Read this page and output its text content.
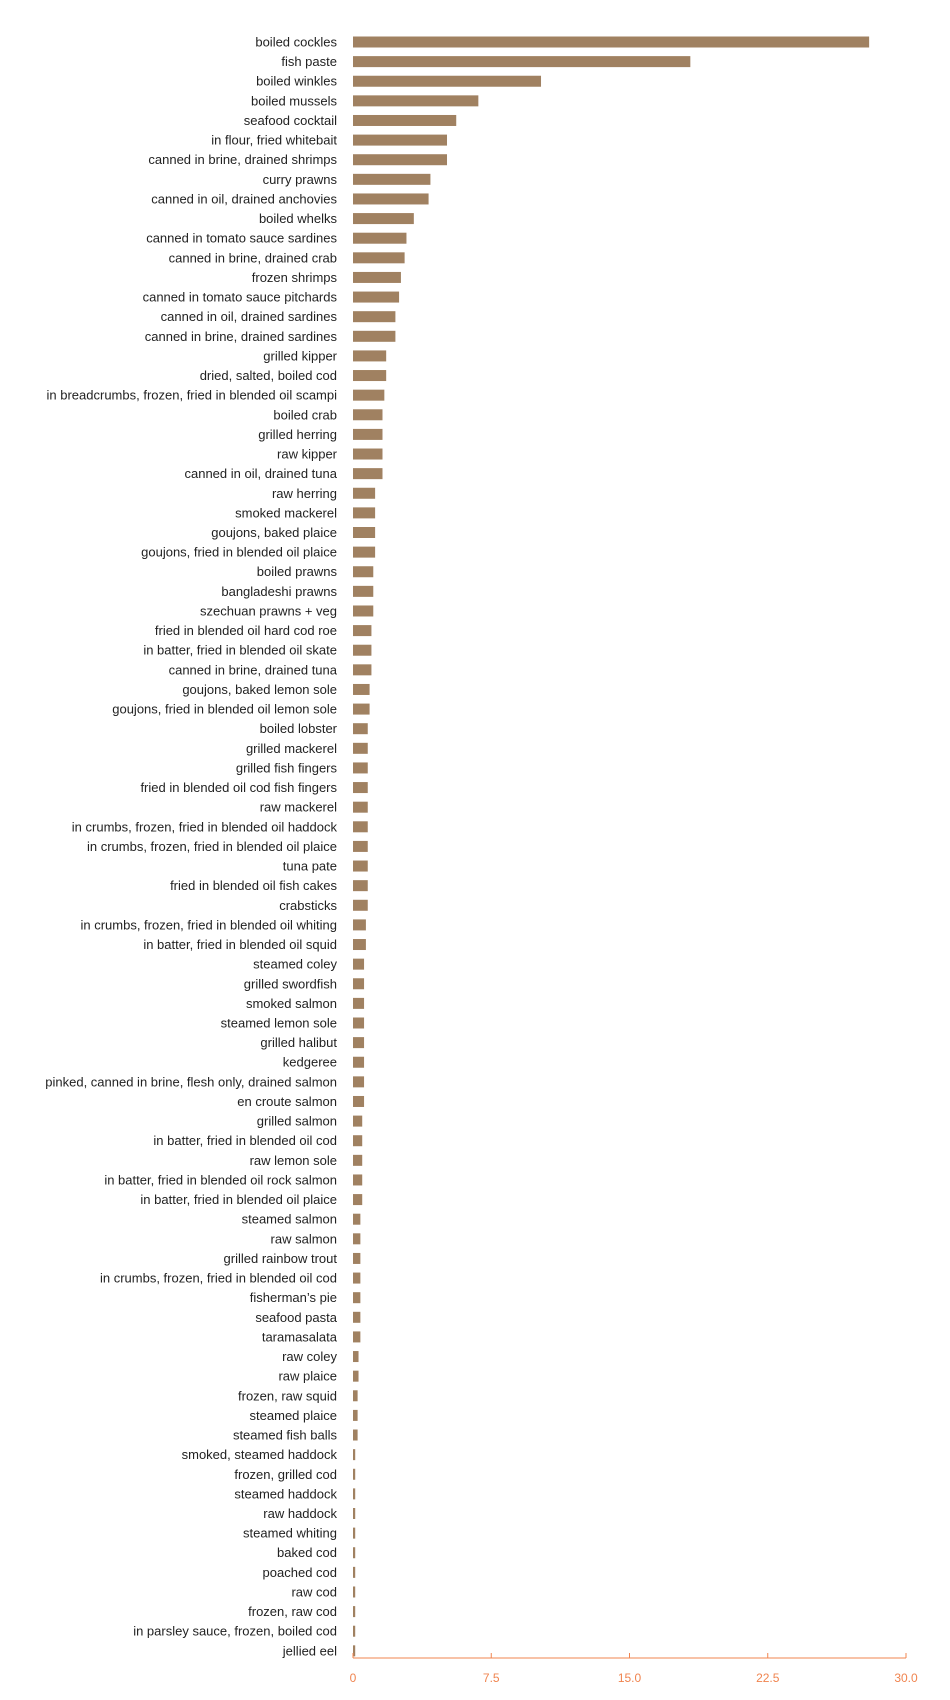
boiled cockles
fish paste
boiled winkles
boiled mussels
seafood cocktail
in flour, fried whitebait
canned in brine, drained shrimps
curry prawns
canned in oil, drained anchovies
boiled whelks
canned in tomato sauce sardines
canned in brine, drained crab
frozen shrimps
canned in tomato sauce pitchards
canned in oil, drained sardines
canned in brine, drained sardines
grilled kipper
dried, salted, boiled cod
in breadcrumbs, frozen, fried in blended oil scampi
boiled crab
grilled herring
raw kipper
canned in oil, drained tuna
raw herring
smoked mackerel
goujons, baked plaice
goujons, fried in blended oil plaice
boiled prawns
bangladeshi prawns
szechuan prawns + veg
fried in blended oil hard cod roe
in batter, fried in blended oil skate
canned in brine, drained tuna
goujons, baked lemon sole
goujons, fried in blended oil lemon sole
boiled lobster
grilled mackerel
grilled fish fingers
fried in blended oil cod fish fingers
raw mackerel
in crumbs, frozen, fried in blended oil haddock
in crumbs, frozen, fried in blended oil plaice
tuna pate
fried in blended oil fish cakes
crabsticks
in crumbs, frozen, fried in blended oil whiting
in batter, fried in blended oil squid
steamed coley
grilled swordfish
smoked salmon
steamed lemon sole
grilled halibut
kedgeree
pinked, canned in brine, flesh only, drained salmon
en croute salmon
grilled salmon
in batter, fried in blended oil cod
raw lemon sole
in batter, fried in blended oil rock salmon
in batter, fried in blended oil plaice
steamed salmon
raw salmon
grilled rainbow trout
in crumbs, frozen, fried in blended oil cod
fisherman’s pie
seafood pasta
taramasalata
raw coley
raw plaice
frozen, raw squid
steamed plaice
steamed fish balls
smoked, steamed haddock
frozen, grilled cod
steamed haddock
raw haddock
steamed whiting
baked cod
poached cod
raw cod
frozen, raw cod
in parsley sauce, frozen, boiled cod
jellied eel
0	7.5	15.0	22.5	30.0
